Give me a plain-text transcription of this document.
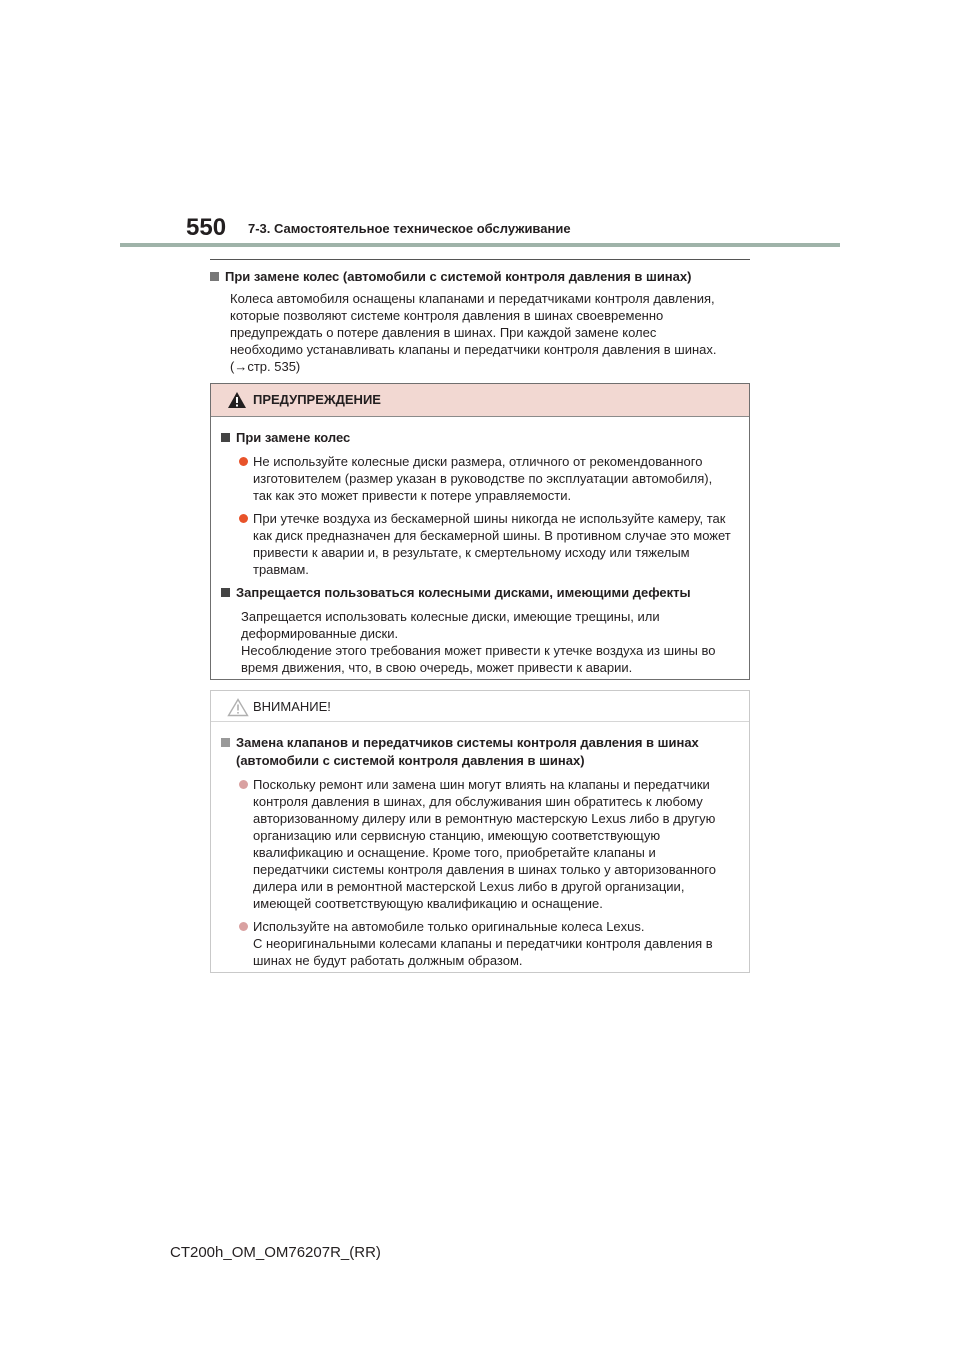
550 7-3. Самостоятельное техническое обслуживание
При замене колес (автомобили с системой контроля давления в шинах)
Колеса автомобиля оснащены клапанами и передатчиками контроля давления,
которые позволяют системе контроля давления в шинах своевременно
предупреждать о потере давления в шинах. При каждой замене колес
необходимо устанавливать клапаны и передатчики контроля давления в шинах.
(→стр. 535)
ПРЕДУПРЕЖДЕНИЕ
При замене колес
Не используйте колесные диски размера, отличного от рекомендованного
изготовителем (размер указан в руководстве по эксплуатации автомобиля),
так как это может привести к потере управляемости.
При утечке воздуха из бескамерной шины никогда не используйте камеру, так
как диск предназначен для бескамерной шины. В противном случае это может
привести к аварии и, в результате, к смертельному исходу или тяжелым
травмам.
Запрещается пользоваться колесными дисками, имеющими дефекты
Запрещается использовать колесные диски, имеющие трещины, или
деформированные диски.
Несоблюдение этого требования может привести к утечке воздуха из шины во
время движения, что, в свою очередь, может привести к аварии.
ВНИМАНИЕ!
Замена клапанов и передатчиков системы контроля давления в шинах
(автомобили с системой контроля давления в шинах)
Поскольку ремонт или замена шин могут влиять на клапаны и передатчики
контроля давления в шинах, для обслуживания шин обратитесь к любому
авторизованному дилеру или в ремонтную мастерскую Lexus либо в другую
организацию или сервисную станцию, имеющую соответствующую
квалификацию и оснащение. Кроме того, приобретайте клапаны и
передатчики системы контроля давления в шинах только у авторизованного
дилера или в ремонтной мастерской Lexus либо в другой организации,
имеющей соответствующую квалификацию и оснащение.
Используйте на автомобиле только оригинальные колеса Lexus.
С неоригинальными колесами клапаны и передатчики контроля давления в
шинах не будут работать должным образом.
CT200h_OM_OM76207R_(RR)
